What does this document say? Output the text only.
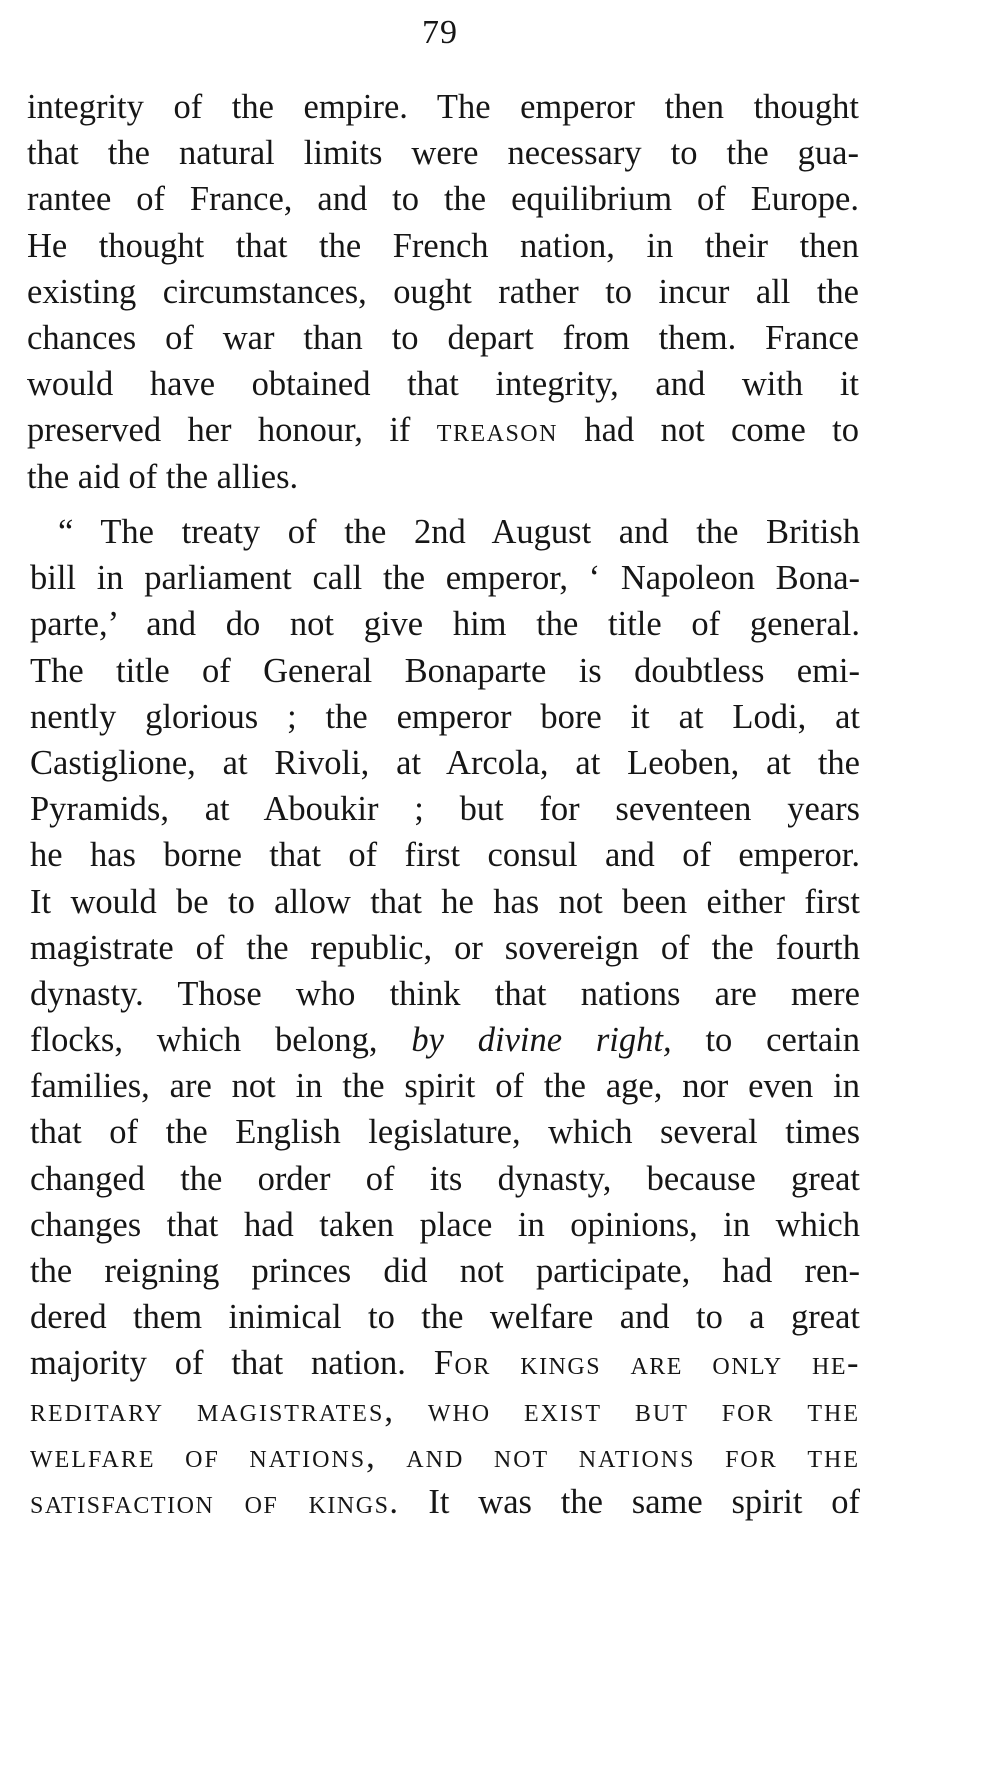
79
integrity of the empire. The emperor then thought
that the natural limits were necessary to the gua-
rantee of France, and to the equilibrium of Europe.
He thought that the French nation, in their then
existing circumstances, ought rather to incur all the
chances of war than to depart from them. France
would have obtained that integrity, and with it
preserved her honour, if treason had not come to
the aid of the allies.
“ The treaty of the 2nd August and the British
bill in parliament call the emperor, ‘ Napoleon Bona-
parte,’ and do not give him the title of general.
The title of General Bonaparte is doubtless emi-
nently glorious ; the emperor bore it at Lodi, at
Castiglione, at Rivoli, at Arcola, at Leoben, at the
Pyramids, at Aboukir ; but for seventeen years
he has borne that of first consul and of emperor.
It would be to allow that he has not been either first
magistrate of the republic, or sovereign of the fourth
dynasty. Those who think that nations are mere
flocks, which belong, by divine right, to certain
families, are not in the spirit of the age, nor even in
that of the English legislature, which several times
changed the order of its dynasty, because great
changes that had taken place in opinions, in which
the reigning princes did not participate, had ren-
dered them inimical to the welfare and to a great
majority of that nation. For kings are only he-
reditary magistrates, who exist but for the
welfare of nations, and not nations for the
satisfaction of kings. It was the same spirit of
